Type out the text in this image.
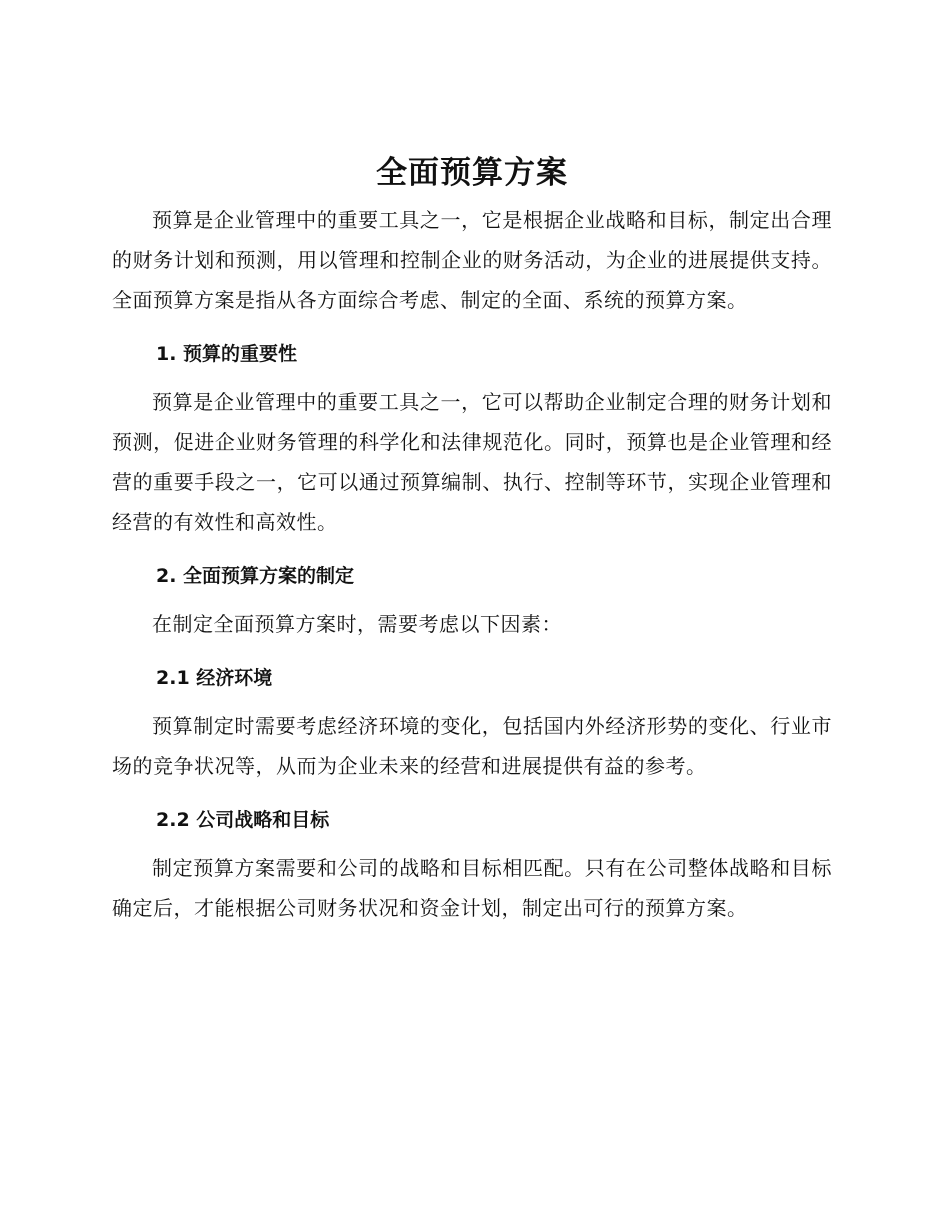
全面预算方案

预算是企业管理中的重要工具之一，它是根据企业战略和目标，制定出合理的财务计划和预测，用以管理和控制企业的财务活动，为企业的进展提供支持。全面预算方案是指从各方面综合考虑、制定的全面、系统的预算方案。

1. 预算的重要性

预算是企业管理中的重要工具之一，它可以帮助企业制定合理的财务计划和预测，促进企业财务管理的科学化和法律规范化。同时，预算也是企业管理和经营的重要手段之一，它可以通过预算编制、执行、控制等环节，实现企业管理和经营的有效性和高效性。

2. 全面预算方案的制定

在制定全面预算方案时，需要考虑以下因素：

2.1 经济环境

预算制定时需要考虑经济环境的变化，包括国内外经济形势的变化、行业市场的竞争状况等，从而为企业未来的经营和进展提供有益的参考。

2.2 公司战略和目标

制定预算方案需要和公司的战略和目标相匹配。只有在公司整体战略和目标确定后，才能根据公司财务状况和资金计划，制定出可行的预算方案。
